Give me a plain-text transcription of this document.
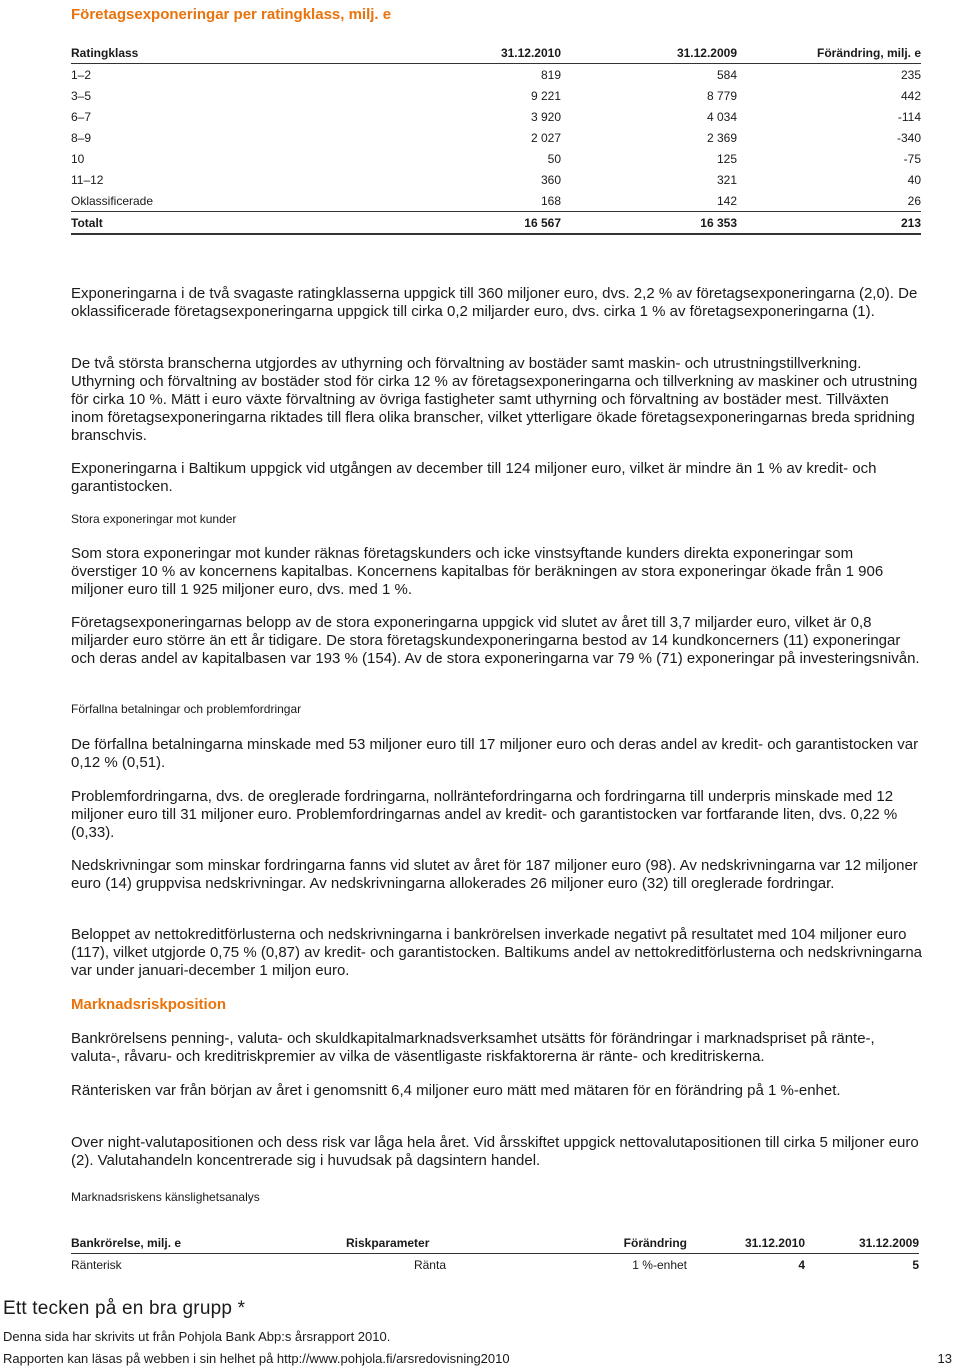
Företagsexponeringar per ratingklass, milj. e
Ratingklass	31.12.2010	31.12.2009	Förändring, milj. e
1–2	819	584	235
3–5	9 221	8 779	442
6–7	3 920	4 034	-114
8–9	2 027	2 369	-340
10	50	125	-75
11–12	360	321	40
Oklassificerade	168	142	26
Totalt	16 567	16 353	213

Exponeringarna i de två svagaste ratingklasserna uppgick till 360 miljoner euro, dvs. 2,2 % av företagsexponeringarna (2,0). De oklassificerade företagsexponeringarna uppgick till cirka 0,2 miljarder euro, dvs. cirka 1 % av företagsexponeringarna (1).

De två största branscherna utgjordes av uthyrning och förvaltning av bostäder samt maskin- och utrustningstillverkning. Uthyrning och förvaltning av bostäder stod för cirka 12 % av företagsexponeringarna och tillverkning av maskiner och utrustning för cirka 10 %. Mätt i euro växte förvaltning av övriga fastigheter samt uthyrning och förvaltning av bostäder mest. Tillväxten inom företagsexponeringarna riktades till flera olika branscher, vilket ytterligare ökade företagsexponeringarnas breda spridning branschvis.

Exponeringarna i Baltikum uppgick vid utgången av december till 124 miljoner euro, vilket är mindre än 1 % av kredit- och garantistocken.

Stora exponeringar mot kunder

Som stora exponeringar mot kunder räknas företagskunders och icke vinstsyftande kunders direkta exponeringar som överstiger 10 % av koncernens kapitalbas. Koncernens kapitalbas för beräkningen av stora exponeringar ökade från 1 906 miljoner euro till 1 925 miljoner euro, dvs. med 1 %.

Företagsexponeringarnas belopp av de stora exponeringarna uppgick vid slutet av året till 3,7 miljarder euro, vilket är 0,8 miljarder euro större än ett år tidigare. De stora företagskundexponeringarna bestod av 14 kundkoncerners (11) exponeringar och deras andel av kapitalbasen var 193 % (154). Av de stora exponeringarna var 79 % (71) exponeringar på investeringsnivån.

Förfallna betalningar och problemfordringar

De förfallna betalningarna minskade med 53 miljoner euro till 17 miljoner euro och deras andel av kredit- och garantistocken var 0,12 % (0,51).

Problemfordringarna, dvs. de oreglerade fordringarna, nollräntefordringarna och fordringarna till underpris minskade med 12 miljoner euro till 31 miljoner euro. Problemfordringarnas andel av kredit- och garantistocken var fortfarande liten, dvs. 0,22 % (0,33).

Nedskrivningar som minskar fordringarna fanns vid slutet av året för 187 miljoner euro (98). Av nedskrivningarna var 12 miljoner euro (14) gruppvisa nedskrivningar. Av nedskrivningarna allokerades 26 miljoner euro (32) till oreglerade fordringar.

Beloppet av nettokreditförlusterna och nedskrivningarna i bankrörelsen inverkade negativt på resultatet med 104 miljoner euro (117), vilket utgjorde 0,75 % (0,87) av kredit- och garantistocken. Baltikums andel av nettokreditförlusterna och nedskrivningarna var under januari-december 1 miljon euro.

Marknadsriskposition

Bankrörelsens penning-, valuta- och skuldkapitalmarknadsverksamhet utsätts för förändringar i marknadspriset på ränte-, valuta-, råvaru- och kreditriskpremier av vilka de väsentligaste riskfaktorerna är ränte- och kreditriskerna.

Ränterisken var från början av året i genomsnitt 6,4 miljoner euro mätt med mätaren för en förändring på 1 %-enhet.

Over night-valutapositionen och dess risk var låga hela året. Vid årsskiftet uppgick nettovalutapositionen till cirka 5 miljoner euro (2). Valutahandeln koncentrerade sig i huvudsak på dagsintern handel.

Marknadsriskens känslighetsanalys
Bankrörelse, milj. e	Riskparameter	Förändring	31.12.2010	31.12.2009
Ränterisk	Ränta	1 %-enhet	4	5
Ett tecken på en bra grupp *
Denna sida har skrivits ut från Pohjola Bank Abp:s årsrapport 2010.
Rapporten kan läsas på webben i sin helhet på http://www.pohjola.fi/arsredovisning2010	13
